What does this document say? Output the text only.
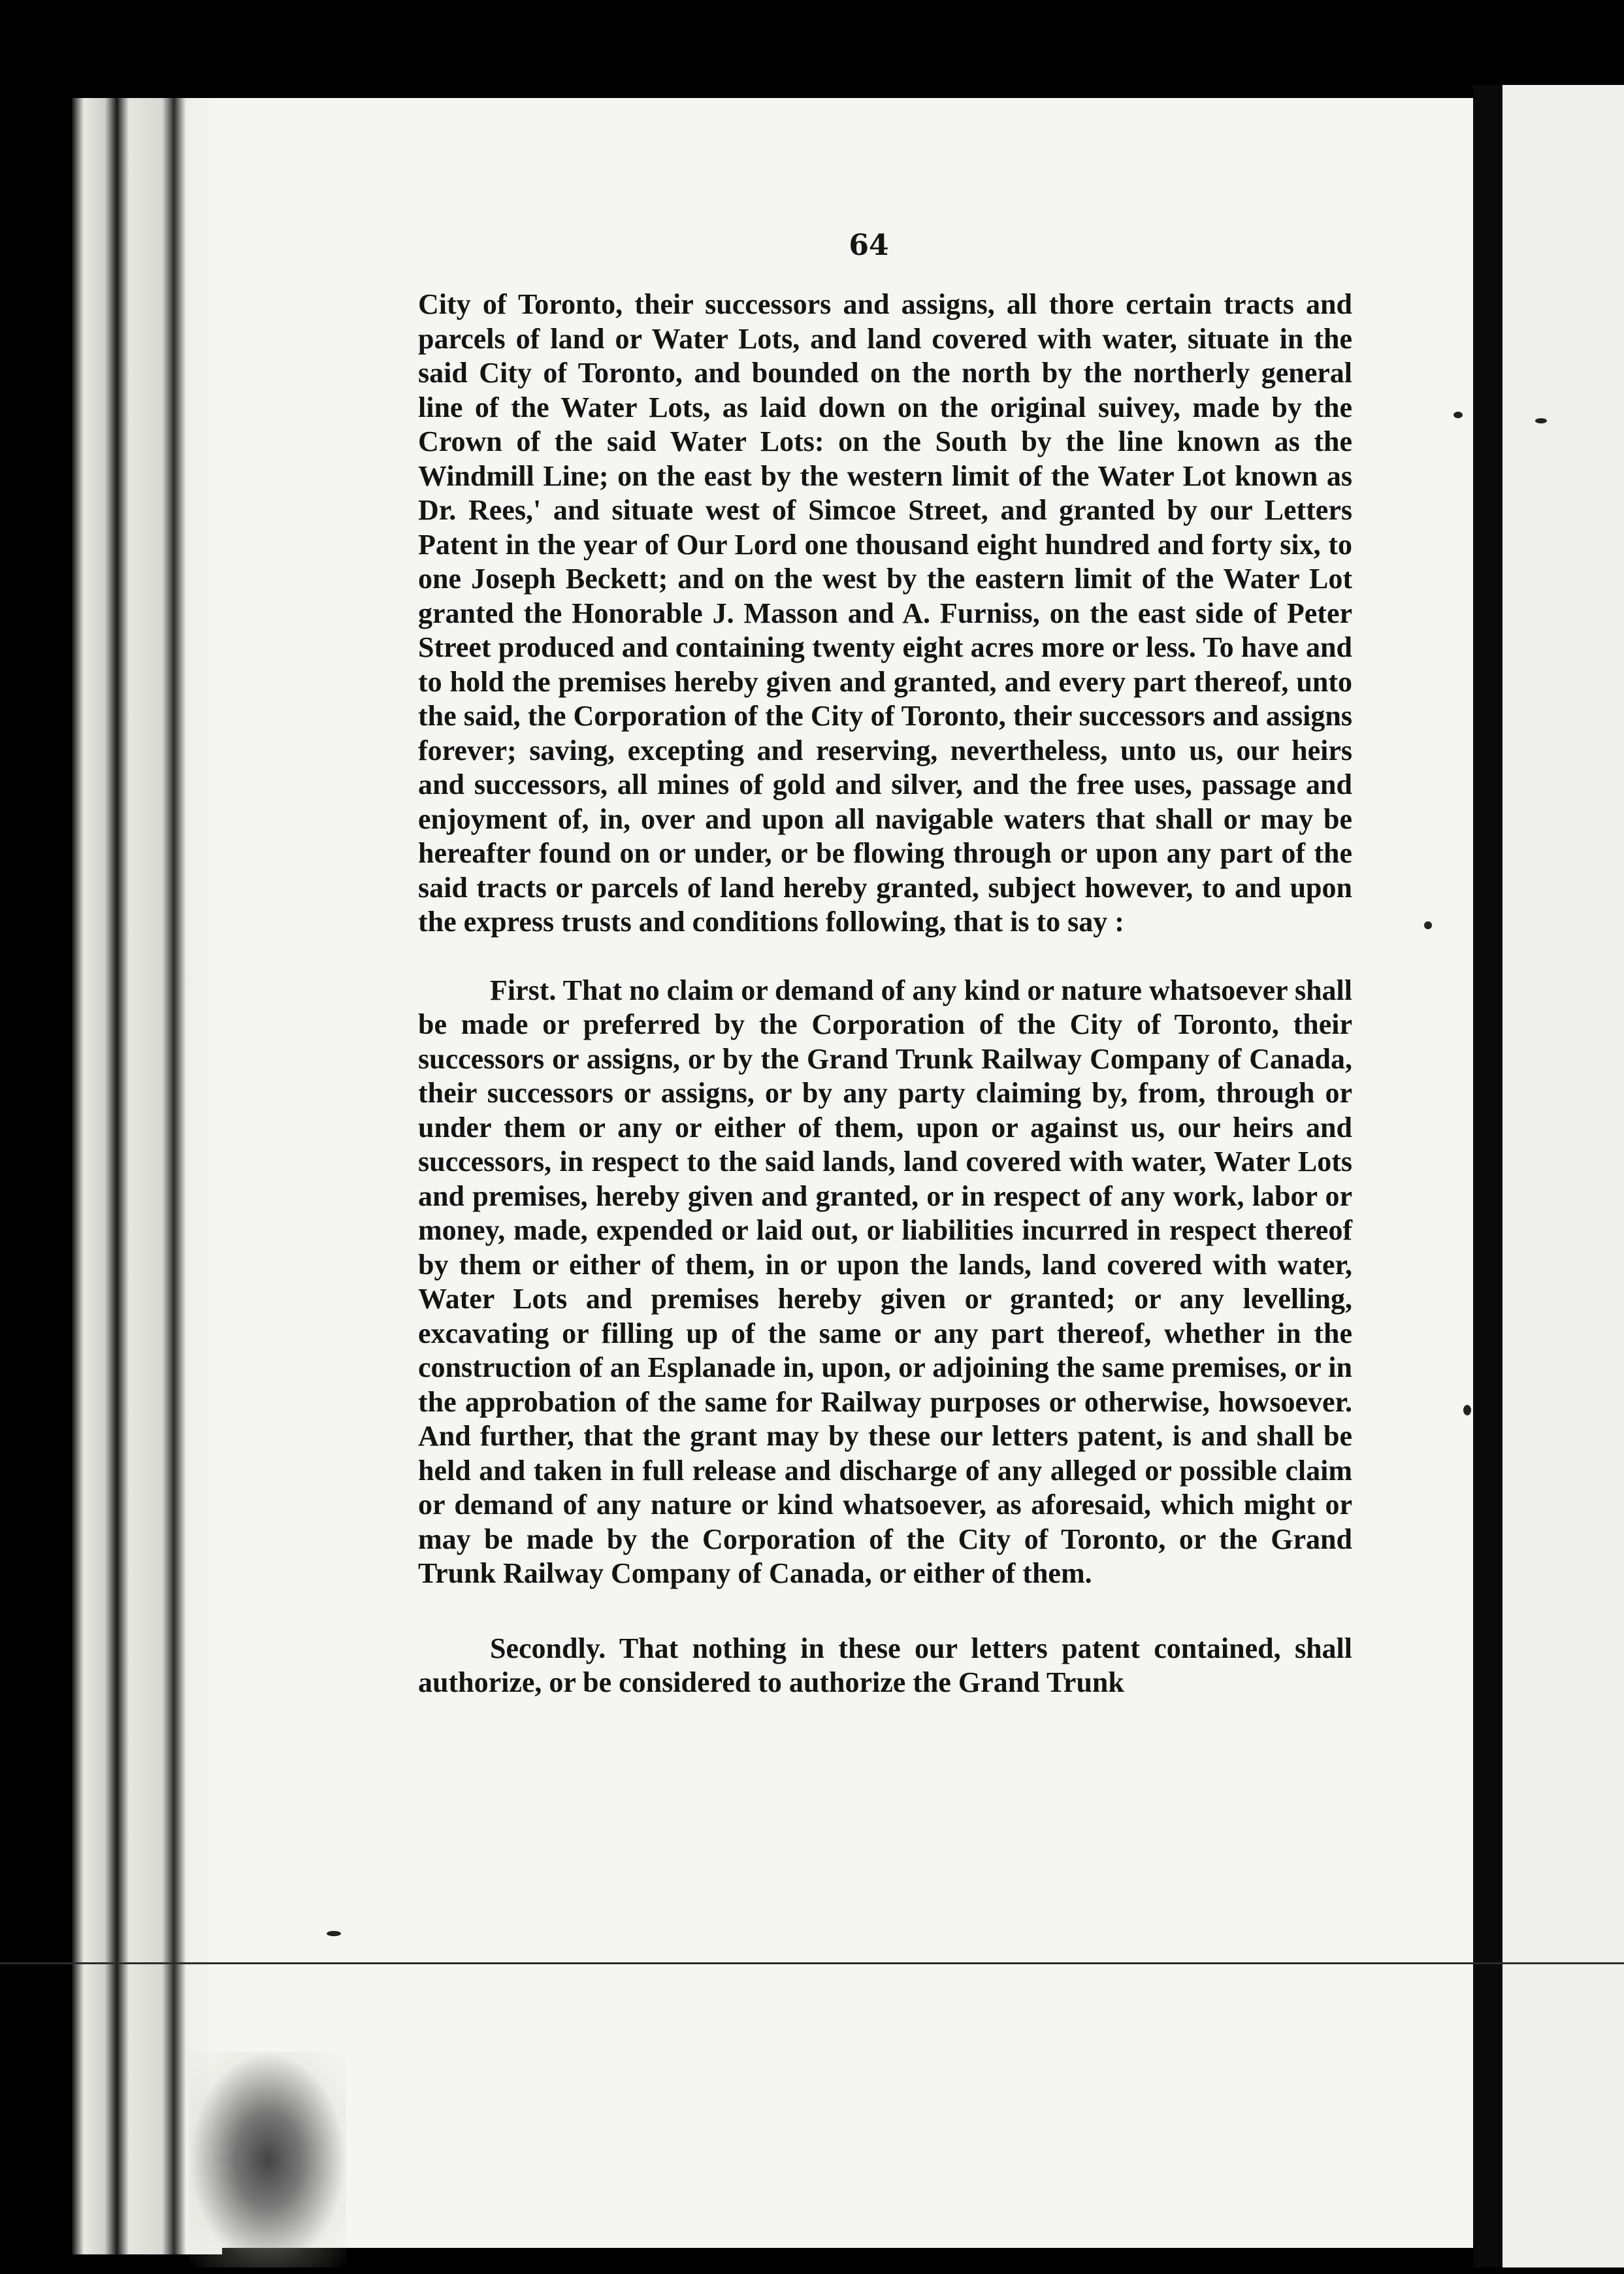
64

City of Toronto, their successors and assigns, all thore certain tracts and parcels of land or Water Lots, and land covered with water, situate in the said City of Toronto, and bounded on the north by the northerly general line of the Water Lots, as laid down on the original suivey, made by the Crown of the said Water Lots: on the South by the line known as the Windmill Line; on the east by the western limit of the Water Lot known as Dr. Rees,' and situate west of Simcoe Street, and granted by our Letters Patent in the year of Our Lord one thousand eight hundred and forty six, to one Joseph Beckett; and on the west by the eastern limit of the Water Lot granted the Honorable J. Masson and A. Furniss, on the east side of Peter Street produced and containing twenty eight acres more or less. To have and to hold the premises hereby given and granted, and every part thereof, unto the said, the Corporation of the City of Toronto, their successors and assigns forever; saving, excepting and reserving, nevertheless, unto us, our heirs and successors, all mines of gold and silver, and the free uses, passage and enjoyment of, in, over and upon all navigable waters that shall or may be hereafter found on or under, or be flowing through or upon any part of the said tracts or parcels of land hereby granted, subject however, to and upon the express trusts and conditions following, that is to say :

First. That no claim or demand of any kind or nature whatsoever shall be made or preferred by the Corporation of the City of Toronto, their successors or assigns, or by the Grand Trunk Railway Company of Canada, their successors or assigns, or by any party claiming by, from, through or under them or any or either of them, upon or against us, our heirs and successors, in respect to the said lands, land covered with water, Water Lots and premises, hereby given and granted, or in respect of any work, labor or money, made, expended or laid out, or liabilities incurred in respect thereof by them or either of them, in or upon the lands, land covered with water, Water Lots and premises hereby given or granted; or any levelling, excavating or filling up of the same or any part thereof, whether in the construction of an Esplanade in, upon, or adjoining the same premises, or in the approbation of the same for Railway purposes or otherwise, howsoever. And further, that the grant may by these our letters patent, is and shall be held and taken in full release and discharge of any alleged or possible claim or demand of any nature or kind whatsoever, as aforesaid, which might or may be made by the Corporation of the City of Toronto, or the Grand Trunk Railway Company of Canada, or either of them.

Secondly. That nothing in these our letters patent contained, shall authorize, or be considered to authorize the Grand Trunk
